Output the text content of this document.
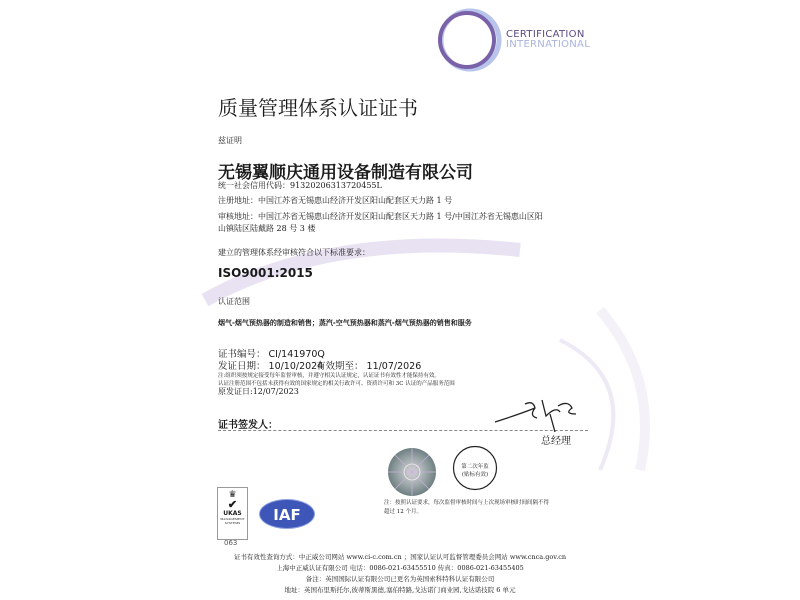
CERTIFICATION
INTERNATIONAL
质量管理体系认证证书
兹证明
无锡翼顺庆通用设备制造有限公司
统一社会信用代码：91320206313720455L
注册地址：中国江苏省无锡惠山经济开发区阳山配套区天力路 1 号
审核地址：中国江苏省无锡惠山经济开发区阳山配套区天力路 1 号/中国江苏省无锡惠山区阳
山镇陆区陆戴路 28 号 3 楼
建立的管理体系经审核符合以下标准要求：
ISO9001:2015
认证范围
烟气-烟气预热器的制造和销售；蒸汽-空气预热器和蒸汽-烟气预热器的销售和服务
证书编号： CI/141970Q
发证日期： 10/10/2024
有效期至： 11/07/2026
注:组织须按规定接受每年监督审核，并遵守相关认证规定，认证证书有效性才能保持有效。
认证注册范围不包括未获得有效的国家规定的相关行政许可、资质许可和 3C 认证的产品服务范围
原发证日:12/07/2023
证书签发人：
总经理
第二次年监
(贴标有效)
注：按照认证要求，每次监督审核时间与上次现场审核时间间隔不得
超过 12 个月。
♛
✔
UKAS
MANAGEMENT
SYSTEMS
063
IAF
证书有效性查询方式：中正威公司网站 www.ci-c.com.cn ；国家认证认可监督管理委员会网站 www.cnca.gov.cn
上海中正威认证有限公司 电话：0086-021-63455510 传真：0086-021-63455405
备注：英国国际认证有限公司已更名为英国索科特科认证有限公司
地址：英国布里斯托尔,彼蒂斯黑德,塞伯特路,戈达诺门商业园,戈达诺技院 6 单元
